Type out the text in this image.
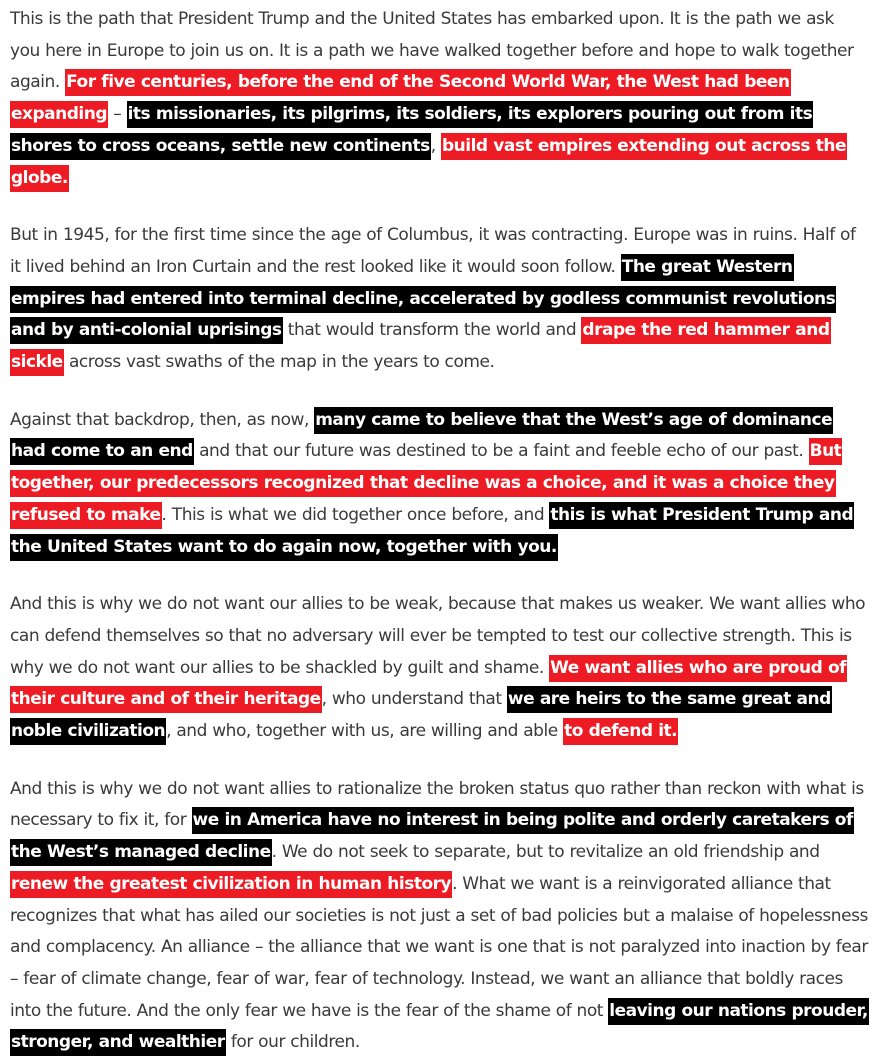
This is the path that President Trump and the United States has embarked upon. It is the path we ask you here in Europe to join us on. It is a path we have walked together before and hope to walk together again. For five centuries, before the end of the Second World War, the West had been expanding – its missionaries, its pilgrims, its soldiers, its explorers pouring out from its shores to cross oceans, settle new continents, build vast empires extending out across the globe.

But in 1945, for the first time since the age of Columbus, it was contracting. Europe was in ruins. Half of it lived behind an Iron Curtain and the rest looked like it would soon follow. The great Western empires had entered into terminal decline, accelerated by godless communist revolutions and by anti-colonial uprisings that would transform the world and drape the red hammer and sickle across vast swaths of the map in the years to come.

Against that backdrop, then, as now, many came to believe that the West’s age of dominance had come to an end and that our future was destined to be a faint and feeble echo of our past. But together, our predecessors recognized that decline was a choice, and it was a choice they refused to make. This is what we did together once before, and this is what President Trump and the United States want to do again now, together with you.

And this is why we do not want our allies to be weak, because that makes us weaker. We want allies who can defend themselves so that no adversary will ever be tempted to test our collective strength. This is why we do not want our allies to be shackled by guilt and shame. We want allies who are proud of their culture and of their heritage, who understand that we are heirs to the same great and noble civilization, and who, together with us, are willing and able to defend it.

And this is why we do not want allies to rationalize the broken status quo rather than reckon with what is necessary to fix it, for we in America have no interest in being polite and orderly caretakers of the West’s managed decline. We do not seek to separate, but to revitalize an old friendship and renew the greatest civilization in human history. What we want is a reinvigorated alliance that recognizes that what has ailed our societies is not just a set of bad policies but a malaise of hopelessness and complacency. An alliance – the alliance that we want is one that is not paralyzed into inaction by fear – fear of climate change, fear of war, fear of technology. Instead, we want an alliance that boldly races into the future. And the only fear we have is the fear of the shame of not leaving our nations prouder, stronger, and wealthier for our children.
